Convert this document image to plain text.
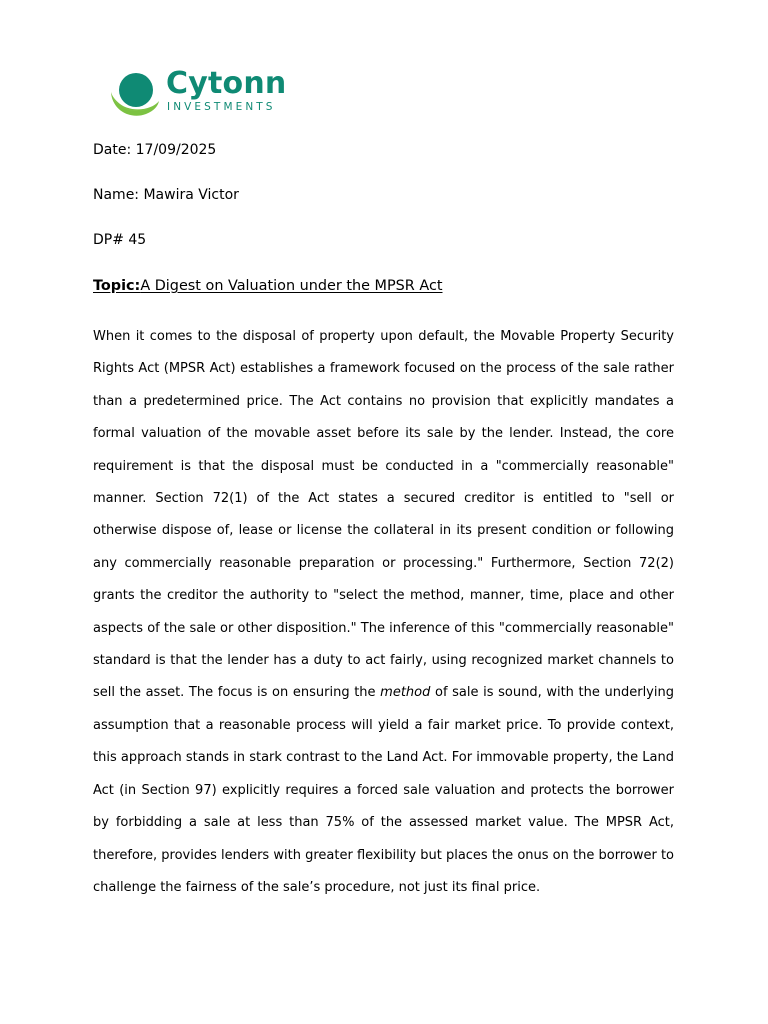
Cytonn
INVESTMENTS

Date: 17/09/2025

Name: Mawira Victor

DP# 45

Topic:A Digest on Valuation under the MPSR Act

When it comes to the disposal of property upon default, the Movable Property Security Rights Act (MPSR Act) establishes a framework focused on the process of the sale rather than a predetermined price. The Act contains no provision that explicitly mandates a formal valuation of the movable asset before its sale by the lender. Instead, the core requirement is that the disposal must be conducted in a "commercially reasonable" manner. Section 72(1) of the Act states a secured creditor is entitled to "sell or otherwise dispose of, lease or license the collateral in its present condition or following any commercially reasonable preparation or processing." Furthermore, Section 72(2) grants the creditor the authority to "select the method, manner, time, place and other aspects of the sale or other disposition." The inference of this "commercially reasonable" standard is that the lender has a duty to act fairly, using recognized market channels to sell the asset. The focus is on ensuring the method of sale is sound, with the underlying assumption that a reasonable process will yield a fair market price. To provide context, this approach stands in stark contrast to the Land Act. For immovable property, the Land Act (in Section 97) explicitly requires a forced sale valuation and protects the borrower by forbidding a sale at less than 75% of the assessed market value. The MPSR Act, therefore, provides lenders with greater flexibility but places the onus on the borrower to challenge the fairness of the sale’s procedure, not just its final price.
